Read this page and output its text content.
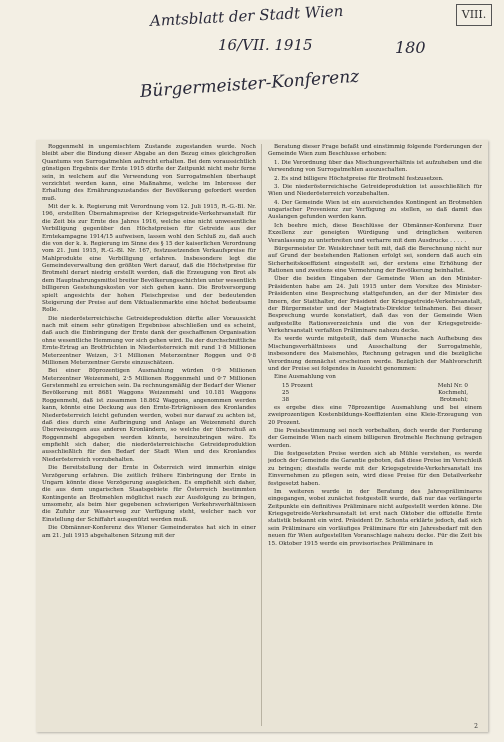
Amtsblatt der Stadt Wien
16/VII. 1915	180
Bürgermeister-Konferenz
VIII.

Roggenmehl in ungemischtem Zustande zugestanden wurde. Noch bleibt aber die Bindung dieser Abgabe an den Bezug eines gleichgroßen Quantums von Surrogatmehlen aufrecht erhalten. Bei dem voraussichtlich günstigen Ergebnis der Ernte 1915 dürfte der Zeitpunkt nicht mehr ferne sein, in welchem auf die Verwendung von Surrogatmehlen überhaupt verzichtet werden kann, eine Maßnahme, welche im Interesse der Erhaltung des Ernährungszustandes der Bevölkerung gefordert werden muß.

Mit der k. k. Regierung mit Verordnung vom 12. Juli 1915, R.-G.-Bl. Nr. 196, erstellten Übernahmspreise der Kriegsgetreide-Verkehrsanstalt für die Zeit bis zur Ernte des Jahres 1916, welche eine nicht unwesentliche Verbilligung gegenüber den Höchstpreisen für Getreide aus der Erntekampagne 1914/15 aufweisen, lassen wohl den Schluß zu, daß auch die von der k. k. Regierung im Sinne des § 15 der kaiserlichen Verordnung vom 21. Juni 1915, R.-G.-Bl. Nr. 167, festzusetzenden Verkaufspreise für Mahlprodukte eine Verbilligung erfahren. Insbesondere legt die Gemeindeverwaltung den größten Wert darauf, daß die Höchstpreise für Brotmehl derart niedrig erstellt werden, daß die Erzeugung von Brot als dem Hauptnahrungsmittel breiter Bevölkerungsschichten unter wesentlich billigeren Gestehungskosten vor sich gehen kann. Die Brotversorgung spielt angesichts der hohen Fleischpreise und der bedeutenden Steigerung der Preise auf dem Viktualienmarkte eine höchst bedeutsame Rolle.

Die niederösterreichische Getreideproduktion dürfte aller Voraussicht nach mit einem sehr günstigen Ergebnisse abschließen und es scheint, daß auch die Einbringung der Ernte dank der geschaffenen Organisation ohne wesentliche Hemmung vor sich gehen wird. Da der durchschnittliche Ernte-Ertrag an Brotfrüchten in Niederösterreich mit rund 1·8 Millionen Meterzentner Weizen, 3·1 Millionen Meterzentner Roggen und 0·8 Millionen Meterzentner Gerste einzuschätzen.

Bei einer 80prozentigen Ausmahlung würden 0·9 Millionen Meterzentner Weizenmehl, 2·5 Millionen Roggenmehl und 0·7 Millionen Gerstenmehl zu erreichen sein. Da rechnungsmäßig der Bedarf der Wiener Bevölkerung mit 8681 Waggons Weizenmehl und 10.181 Waggons Roggenmehl, daß ist zusammen 18.862 Waggons, angenommen werden kann, könnte eine Deckung aus den Ernte-Erträgnissen des Kronlandes Niederösterreich leicht gefunden werden, wobei nur darauf zu achten ist, daß dies durch eine Aufbringung und Anlage an Weizenmehl durch Überweisungen aus anderen Kronländern, so welche der überschuß an Roggenmehl abgegeben werden könnte, hereinzubringen wäre. Es empfiehlt sich daher, die niederösterreichische Getreideproduktion ausschließlich für den Bedarf der Stadt Wien und des Kronlandes Niederösterreich vorzubehalten.

Die Bereitstellung der Ernte in Österreich wird immerhin einige Verzögerung erfahren. Die zeitlich frühere Einbringung der Ernte in Ungarn könnte diese Verzögerung ausgleichen. Es empfiehlt sich daher, die aus dem ungarischen Staatsgebiete für Österreich bestimmten Kontingente an Brotmehlen möglichst rasch zur Ausfolgung zu bringen, umsomehr, als beim hier gegebenen schwierigen Verkehrsverhältnissen die Zufuhr zur Wasserweg zur Verfügung steht, welcher nach vor Einstellung der Schiffahrt ausgenützt werden muß.

Die Obmänner-Konferenz des Wiener Gemeinderates hat sich in einer am 21. Juli 1915 abgehaltenen Sitzung mit der

Beratung dieser Frage befaßt und einstimmig folgende Forderungen der Gemeinde Wien zum Beschlusse erhoben:

1. Die Verordnung über das Mischungsverhältnis ist aufzuheben und die Verwendung von Surrogatmehlen auszuschalten.

2. Es sind billigere Höchstpreise für Brotmehl festzusetzen.

3. Die niederösterreichische Getreideproduktion ist ausschließlich für Wien und Niederösterreich vorzubehalten.

4. Der Gemeinde Wien ist ein ausreichendes Kontingent an Brotmehlen ungarischer Provenienz zur Verfügung zu stellen, so daß damit das Auslangen gefunden werden kann.

Ich beehre mich, diese Beschlüsse der Obmänner-Konferenz Euer Exzellenz zur geneigten Würdigung und dringlichen weiteren Veranlassung zu unterbreiten und verharre mit dem Ausdrucke . . . . .

Bürgermeister Dr. Weiskirchner teilt mit, daß die Berechnung nicht nur auf Grund der bestehenden Rationen erfolgt sei, sondern daß auch ein Sicherheitskoeffizient eingestellt sei, der erstens eine Erhöhung der Rationen und zweitens eine Vermehrung der Bevölkerung beinhaltet.

Über die beiden Eingaben der Gemeinde Wien an den Minister-Präsidenten habe am 24. Juli 1915 unter dem Vorsitze des Minister-Präsidenten eine Besprechung stattgefunden, an der der Minister des Innern, der Statthalter, der Präsident der Kriegsgetreide-Verkehrsanstalt, der Bürgermeister und der Magistrats-Direktor teilnahmen. Bei dieser Besprechung wurde konstatiert, daß das von der Gemeinde Wien aufgestellte Rationsverzeichnis und die von der Kriegsgetreide-Verkehrsanstalt verfaßten Präliminare nahezu decke.

Es werde wurde mitgeteilt, daß dem Wunsche nach Aufhebung des Mischungsverhältnisses und Ausschaltung der Surrogatmehle, insbesondere des Maismehles, Rechnung getragen und die bezügliche Verordnung demnächst erscheinen werde. Bezüglich der Mahlvorschrift und der Preise sei folgendes in Aussicht genommen:

Eine Ausmahlung von

15 Prozent	Mehl Nr. 0
25	Kochmehl,
38	Brotmehl;

es ergebe dies eine 78prozentige Ausmahlung und bei einem zweiprozentigen Kostenbildungs-Koeffizienten eine Kleie-Erzeugung von 20 Prozent.

Die Preisbestimmung sei noch vorbehalten, doch werde der Forderung der Gemeinde Wien nach einem billigeren Brotmehle Rechnung getragen werden.

Die festgesetzten Preise werden sich ab Mühle verstehen, es werde jedoch der Gemeinde die Garantie geboten, daß diese Preise im Verschleiß zu bringen; diesfalls werde mit der Kriegsgetreide-Verkehrsanstalt ins Einvernehmen zu pflegen sein, wird diese Preise für den Detailverkehr festgesetzt haben.

Im weiteren wurde in der Beratung des Jahrespräliminares eingegangen, wobei zunächst festgestellt wurde, daß nur das verlängerte Zeitpunkte ein definitives Präliminare nicht aufgestellt werden könne. Die Kriegsgetreide-Verkehrsanstalt ist erst nach Oktober die offizielle Ernte statistik bekannt ein wird. Präsident Dr. Schonta erklärte jedoch, daß sich sein Präliminare ein vorläufiges Präliminare für ein Jahresbedarf mit den neuen für Wien aufgestellten Voranschlage nahezu decke. Für die Zeit bis 15. Oktober 1915 werde ein provisorisches Präliminare in

2
